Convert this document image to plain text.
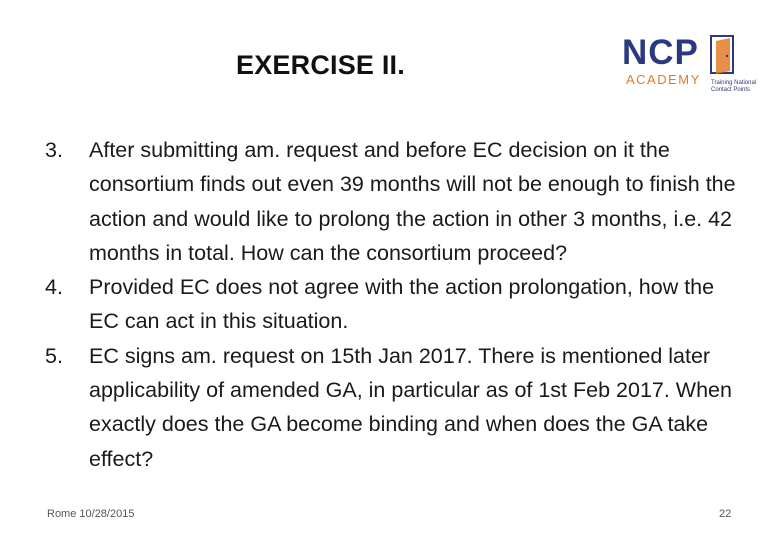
EXERCISE II.	NCP
ACADEMY Training National Contact Points
3. After submitting am. request and before EC decision on it the consortium finds out even 39 months will not be enough to finish the action and would like to prolong the action in other 3 months, i.e. 42 months in total. How can the consortium proceed?
4. Provided EC does not agree with the action prolongation, how the EC can act in this situation.
5. EC signs am. request on 15th Jan 2017. There is mentioned later applicability of amended GA, in particular as of 1st Feb 2017. When exactly does the GA become binding and when does the GA take effect?
Rome 10/28/2015	22
